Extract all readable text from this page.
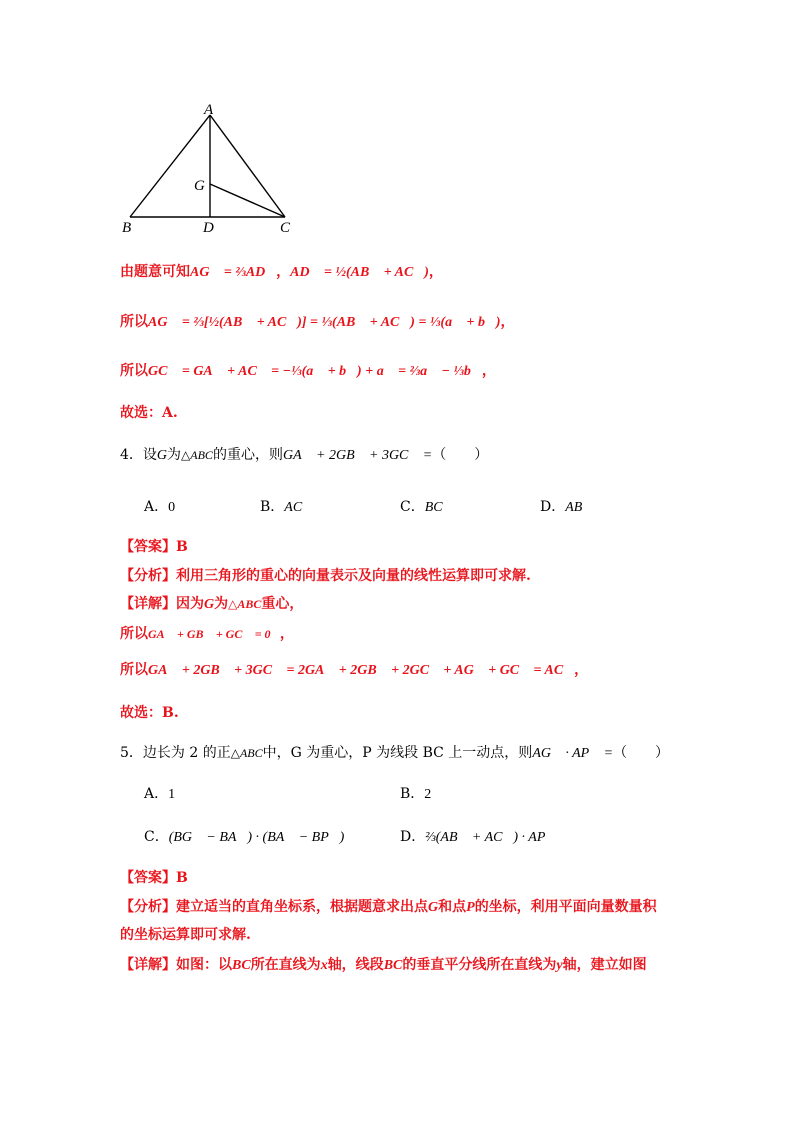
A
G
B	D	C
由题意可知AG⃗ = ⅔AD⃗，AD⃗ = ½(AB⃗ + AC⃗)，
所以AG⃗ = ⅔[½(AB⃗ + AC⃗)] = ⅓(AB⃗ + AC⃗) = ⅓(a⃗ + b⃗)，
所以GC⃗ = GA⃗ + AC⃗ = −⅓(a⃗ + b⃗) + a⃗ = ⅔a⃗ − ⅓b⃗，
故选：A.
4．设G为△ABC的重心，则GA⃗ + 2GB⃗ + 3GC⃗ =（　　）
A．0	B．AC⃗	C．BC⃗	D．AB⃗
【答案】B
【分析】利用三角形的重心的向量表示及向量的线性运算即可求解.
【详解】因为G为△ABC重心，
所以GA⃗ + GB⃗ + GC⃗ = 0⃗，
所以GA⃗ + 2GB⃗ + 3GC⃗ = 2GA⃗ + 2GB⃗ + 2GC⃗ + AG⃗ + GC⃗ = AC⃗，
故选：B.
5．边长为 2 的正△ABC中，G 为重心，P 为线段 BC 上一动点，则AG⃗ · AP⃗ =（　　）
A．1	B．2
C．(BG⃗ − BA⃗) · (BA⃗ − BP⃗)	D．⅔(AB⃗ + AC⃗) · AP⃗
【答案】B
【分析】建立适当的直角坐标系，根据题意求出点G和点P的坐标，利用平面向量数量积
的坐标运算即可求解.
【详解】如图：以BC所在直线为x轴，线段BC的垂直平分线所在直线为y轴，建立如图
